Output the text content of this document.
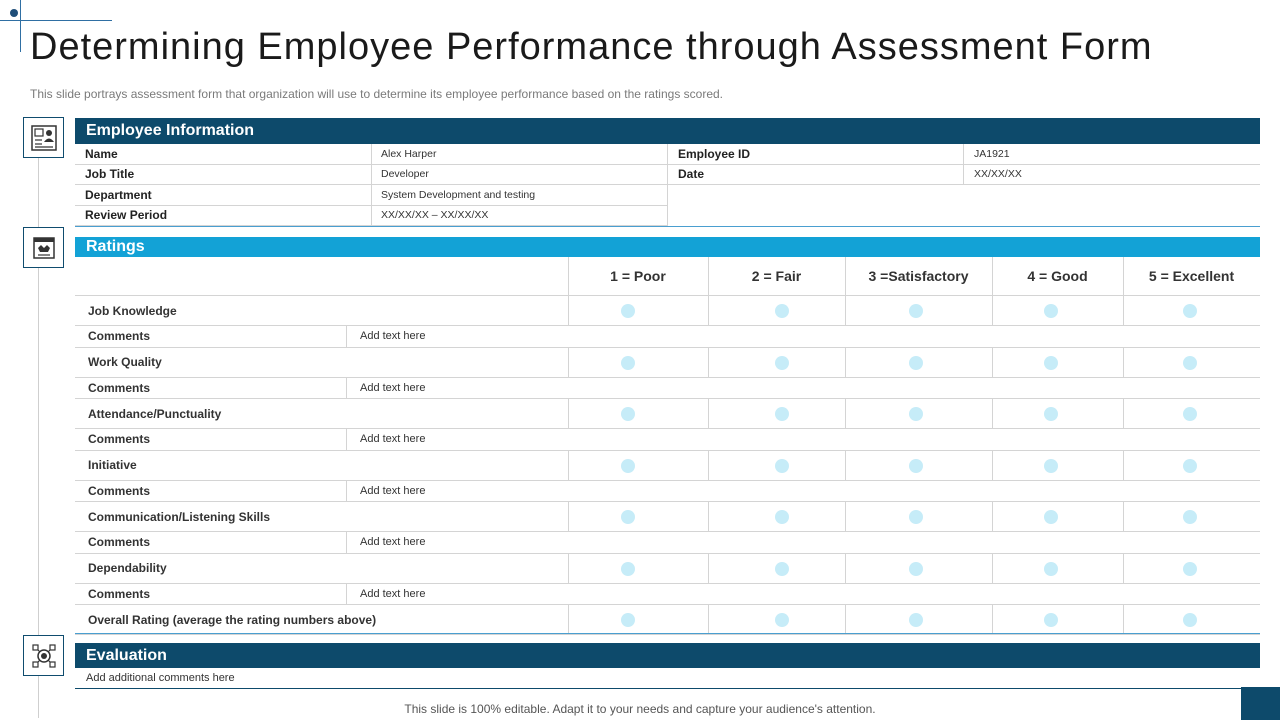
Determining Employee Performance through Assessment Form

This slide portrays assessment form that organization will use to determine its employee performance based on the ratings scored.

Employee Information
Name	Alex Harper
Job Title	Developer
Department	System Development and testing
Review Period	XX/XX/XX – XX/XX/XX
Employee ID	JA1921
Date	XX/XX/XX
Ratings
1 = Poor	2 = Fair	3 =Satisfactory	4 = Good	5 = Excellent
Job Knowledge
Comments	Add text here
Work Quality
Comments	Add text here
Attendance/Punctuality
Comments	Add text here
Initiative
Comments	Add text here
Communication/Listening Skills
Comments	Add text here
Dependability
Comments	Add text here
Overall Rating (average the rating numbers above)
Evaluation
Add additional comments here
This slide is 100% editable. Adapt it to your needs and capture your audience's attention.
